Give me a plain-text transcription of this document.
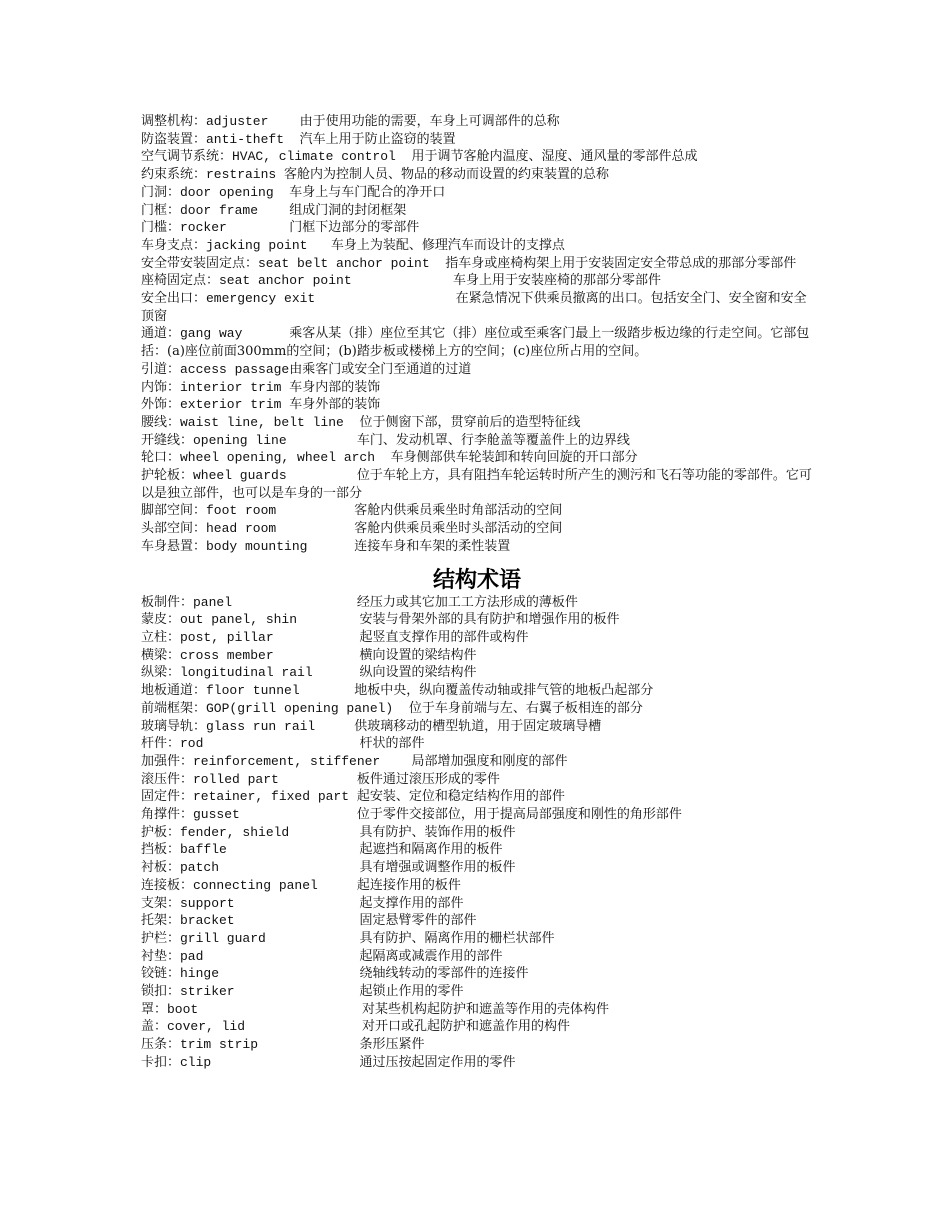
调整机构：adjuster    由于使用功能的需要，车身上可调部件的总称
防盗装置：anti-theft  汽车上用于防止盗窃的装置
空气调节系统：HVAC, climate control  用于调节客舱内温度、湿度、通风量的零部件总成
约束系统：restrains 客舱内为控制人员、物品的移动而设置的约束装置的总称
门洞：door opening  车身上与车门配合的净开口
门框：door frame    组成门洞的封闭框架
门槛：rocker        门框下边部分的零部件
车身支点：jacking point   车身上为装配、修理汽车而设计的支撑点
安全带安装固定点：seat belt anchor point  指车身或座椅构架上用于安装固定安全带总成的那部分零部件
座椅固定点：seat anchor point             车身上用于安装座椅的那部分零部件
安全出口：emergency exit                  在紧急情况下供乘员撤离的出口。包括安全门、安全窗和安全顶窗
通道：gang way      乘客从某（排）座位至其它（排）座位或至乘客门最上一级踏步板边缘的行走空间。它部包括：(a)座位前面300mm的空间；(b)踏步板或楼梯上方的空间；(c)座位所占用的空间。
引道：access passage由乘客门或安全门至通道的过道
内饰：interior trim 车身内部的装饰
外饰：exterior trim 车身外部的装饰
腰线：waist line, belt line  位于侧窗下部，贯穿前后的造型特征线
开缝线：opening line         车门、发动机罩、行李舱盖等覆盖件上的边界线
轮口：wheel opening, wheel arch  车身侧部供车轮装卸和转向回旋的开口部分
护轮板：wheel guards         位于车轮上方，具有阻挡车轮运转时所产生的测污和飞石等功能的零部件。它可以是独立部件，也可以是车身的一部分
脚部空间：foot room          客舱内供乘员乘坐时角部活动的空间
头部空间：head room          客舱内供乘员乘坐时头部活动的空间
车身悬置：body mounting      连接车身和车架的柔性装置
结构术语
板制件：panel                经压力或其它加工工方法形成的薄板件
蒙皮：out panel, shin        安装与骨架外部的具有防护和增强作用的板件
立柱：post, pillar           起竖直支撑作用的部件或构件
横梁：cross member           横向设置的梁结构件
纵梁：longitudinal rail      纵向设置的梁结构件
地板通道：floor tunnel       地板中央，纵向覆盖传动轴或排气管的地板凸起部分
前端框架：GOP(grill opening panel)  位于车身前端与左、右翼子板相连的部分
玻璃导轨：glass run rail     供玻璃移动的槽型轨道，用于固定玻璃导槽
杆件：rod                    杆状的部件
加强件：reinforcement, stiffener    局部增加强度和刚度的部件
滚压件：rolled part          板件通过滚压形成的零件
固定件：retainer, fixed part 起安装、定位和稳定结构作用的部件
角撑件：gusset               位于零件交接部位，用于提高局部强度和刚性的角形部件
护板：fender, shield         具有防护、装饰作用的板件
挡板：baffle                 起遮挡和隔离作用的板件
衬板：patch                  具有增强或调整作用的板件
连接板：connecting panel     起连接作用的板件
支架：support                起支撑作用的部件
托架：bracket                固定悬臂零件的部件
护栏：grill guard            具有防护、隔离作用的栅栏状部件
衬垫：pad                    起隔离或减震作用的部件
铰链：hinge                  绕轴线转动的零部件的连接件
锁扣：striker                起锁止作用的零件
罩：boot                     对某些机构起防护和遮盖等作用的壳体构件
盖：cover, lid               对开口或孔起防护和遮盖作用的构件
压条：trim strip             条形压紧件
卡扣：clip                   通过压按起固定作用的零件
